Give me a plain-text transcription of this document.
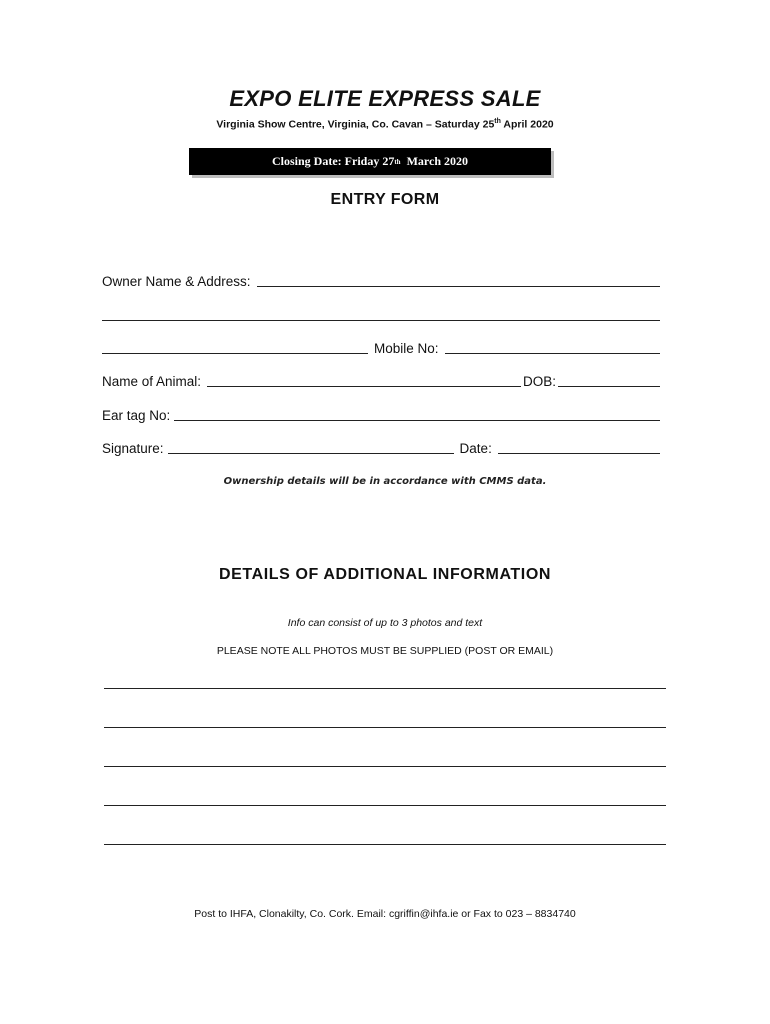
EXPO ELITE EXPRESS SALE
Virginia Show Centre, Virginia, Co. Cavan – Saturday 25th April 2020
Closing Date: Friday 27 th March 2020
ENTRY FORM
Owner Name & Address:
Mobile No:
Name of Animal:	DOB:
Ear tag No:
Signature:	Date:
Ownership details will be in accordance with CMMS data.
DETAILS OF ADDITIONAL INFORMATION
Info can consist of up to 3 photos and text
PLEASE NOTE ALL PHOTOS MUST BE SUPPLIED (POST OR EMAIL)
Post to IHFA, Clonakilty, Co. Cork. Email: cgriffin@ihfa.ie or Fax to 023 – 8834740
